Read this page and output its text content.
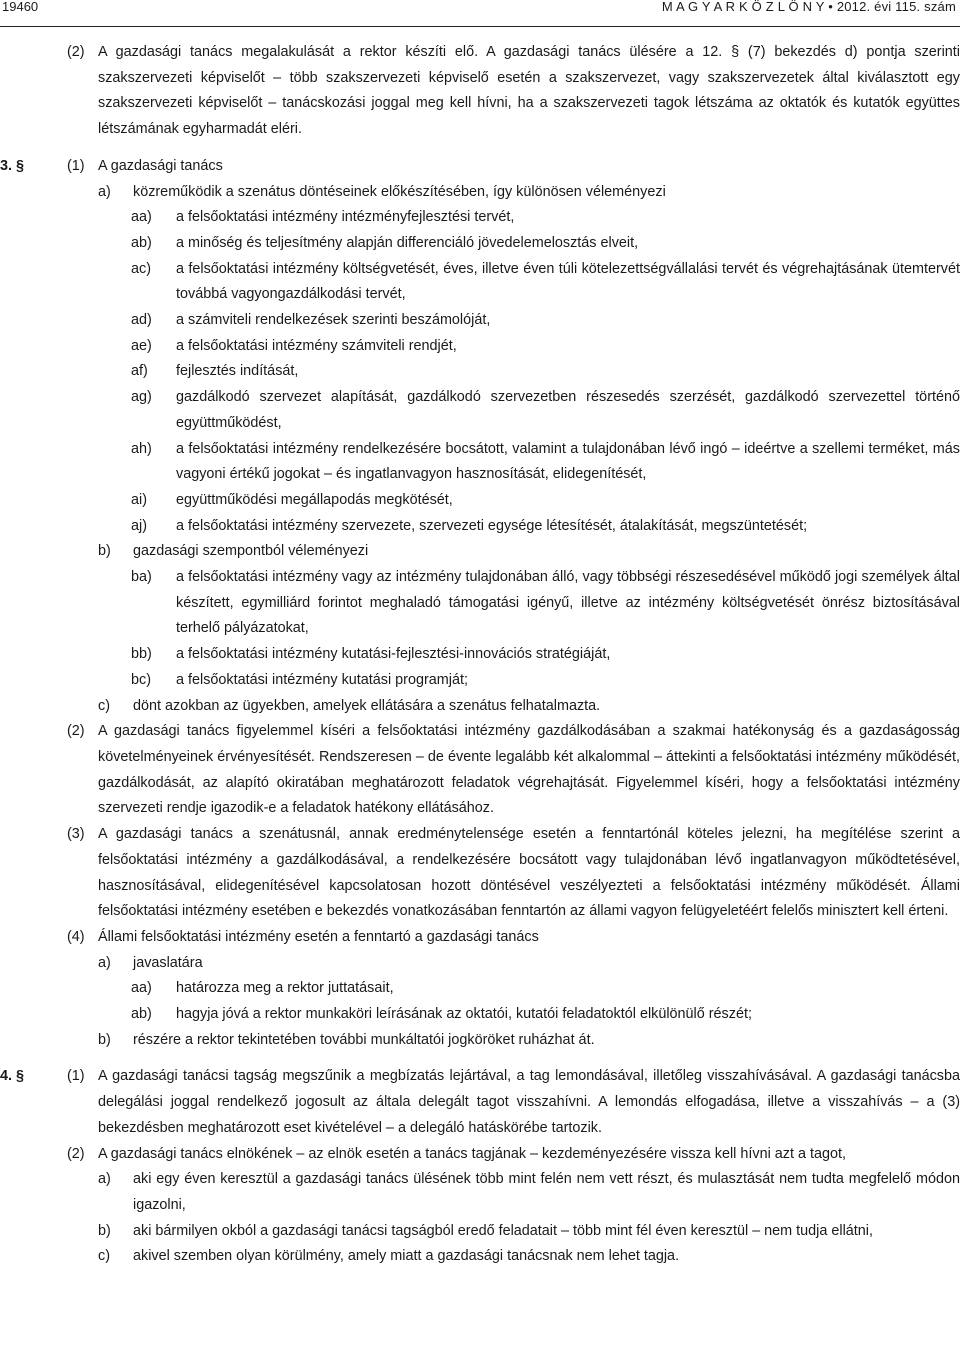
19460	M A G Y A R K Ö Z L Ö N Y • 2012. évi 115. szám
(2) A gazdasági tanács megalakulását a rektor készíti elő. A gazdasági tanács ülésére a 12. § (7) bekezdés d) pontja szerinti szakszervezeti képviselőt – több szakszervezeti képviselő esetén a szakszervezet, vagy szakszervezetek által kiválasztott egy szakszervezeti képviselőt – tanácskozási joggal meg kell hívni, ha a szakszervezeti tagok létszáma az oktatók és kutatók együttes létszámának egyharmadát eléri.
3. §	(1) A gazdasági tanács
a) közreműködik a szenátus döntéseinek előkészítésében, így különösen véleményezi
aa) a felsőoktatási intézmény intézményfejlesztési tervét,
ab) a minőség és teljesítmény alapján differenciáló jövedelemelosztás elveit,
ac) a felsőoktatási intézmény költségvetését, éves, illetve éven túli kötelezettségvállalási tervét és végrehajtásának ütemtervét továbbá vagyongazdálkodási tervét,
ad) a számviteli rendelkezések szerinti beszámolóját,
ae) a felsőoktatási intézmény számviteli rendjét,
af) fejlesztés indítását,
ag) gazdálkodó szervezet alapítását, gazdálkodó szervezetben részesedés szerzését, gazdálkodó szervezettel történő együttműködést,
ah) a felsőoktatási intézmény rendelkezésére bocsátott, valamint a tulajdonában lévő ingó – ideértve a szellemi terméket, más vagyoni értékű jogokat – és ingatlanvagyon hasznosítását, elidegenítését,
ai) együttműködési megállapodás megkötését,
aj) a felsőoktatási intézmény szervezete, szervezeti egysége létesítését, átalakítását, megszüntetését;
b) gazdasági szempontból véleményezi
ba) a felsőoktatási intézmény vagy az intézmény tulajdonában álló, vagy többségi részesedésével működő jogi személyek által készített, egymilliárd forintot meghaladó támogatási igényű, illetve az intézmény költségvetését önrész biztosításával terhelő pályázatokat,
bb) a felsőoktatási intézmény kutatási-fejlesztési-innovációs stratégiáját,
bc) a felsőoktatási intézmény kutatási programját;
c) dönt azokban az ügyekben, amelyek ellátására a szenátus felhatalmazta.
(2) A gazdasági tanács figyelemmel kíséri a felsőoktatási intézmény gazdálkodásában a szakmai hatékonyság és a gazdaságosság követelményeinek érvényesítését. Rendszeresen – de évente legalább két alkalommal – áttekinti a felsőoktatási intézmény működését, gazdálkodását, az alapító okiratában meghatározott feladatok végrehajtását. Figyelemmel kíséri, hogy a felsőoktatási intézmény szervezeti rendje igazodik-e a feladatok hatékony ellátásához.
(3) A gazdasági tanács a szenátusnál, annak eredménytelensége esetén a fenntartónál köteles jelezni, ha megítélése szerint a felsőoktatási intézmény a gazdálkodásával, a rendelkezésére bocsátott vagy tulajdonában lévő ingatlanvagyon működtetésével, hasznosításával, elidegenítésével kapcsolatosan hozott döntésével veszélyezteti a felsőoktatási intézmény működését. Állami felsőoktatási intézmény esetében e bekezdés vonatkozásában fenntartón az állami vagyon felügyeletéért felelős minisztert kell érteni.
(4) Állami felsőoktatási intézmény esetén a fenntartó a gazdasági tanács
a) javaslatára
aa) határozza meg a rektor juttatásait,
ab) hagyja jóvá a rektor munkaköri leírásának az oktatói, kutatói feladatoktól elkülönülő részét;
b) részére a rektor tekintetében további munkáltatói jogköröket ruházhat át.
4. §	(1) A gazdasági tanácsi tagság megszűnik a megbízatás lejártával, a tag lemondásával, illetőleg visszahívásával. A gazdasági tanácsba delegálási joggal rendelkező jogosult az általa delegált tagot visszahívni. A lemondás elfogadása, illetve a visszahívás – a (3) bekezdésben meghatározott eset kivételével – a delegáló hatáskörébe tartozik.
(2) A gazdasági tanács elnökének – az elnök esetén a tanács tagjának – kezdeményezésére vissza kell hívni azt a tagot,
a) aki egy éven keresztül a gazdasági tanács ülésének több mint felén nem vett részt, és mulasztását nem tudta megfelelő módon igazolni,
b) aki bármilyen okból a gazdasági tanácsi tagságból eredő feladatait – több mint fél éven keresztül – nem tudja ellátni,
c) akivel szemben olyan körülmény, amely miatt a gazdasági tanácsnak nem lehet tagja.
